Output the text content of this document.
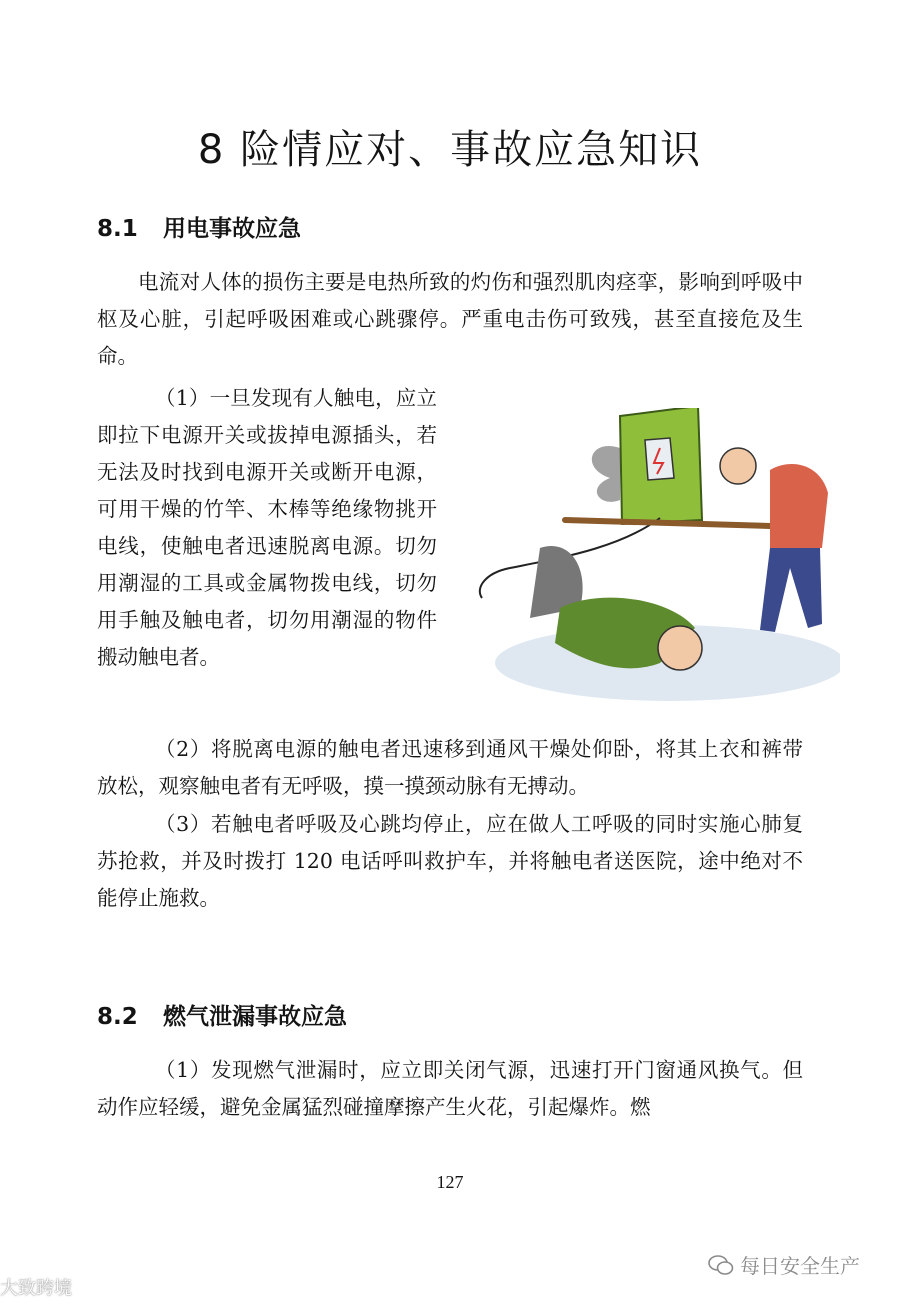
8 险情应对、事故应急知识
8.1 用电事故应急

电流对人体的损伤主要是电热所致的灼伤和强烈肌肉痉挛，影响到呼吸中枢及心脏，引起呼吸困难或心跳骤停。严重电击伤可致残，甚至直接危及生命。

（1）一旦发现有人触电，应立即拉下电源开关或拔掉电源插头，若无法及时找到电源开关或断开电源，可用干燥的竹竿、木棒等绝缘物挑开电线，使触电者迅速脱离电源。切勿用潮湿的工具或金属物拨电线，切勿用手触及触电者，切勿用潮湿的物件搬动触电者。

（2）将脱离电源的触电者迅速移到通风干燥处仰卧，将其上衣和裤带放松，观察触电者有无呼吸，摸一摸颈动脉有无搏动。

（3）若触电者呼吸及心跳均停止，应在做人工呼吸的同时实施心肺复苏抢救，并及时拨打 120 电话呼叫救护车，并将触电者送医院，途中绝对不能停止施救。

8.2 燃气泄漏事故应急

（1）发现燃气泄漏时，应立即关闭气源，迅速打开门窗通风换气。但动作应轻缓，避免金属猛烈碰撞摩擦产生火花，引起爆炸。燃

127
大致跨境
每日安全生产
